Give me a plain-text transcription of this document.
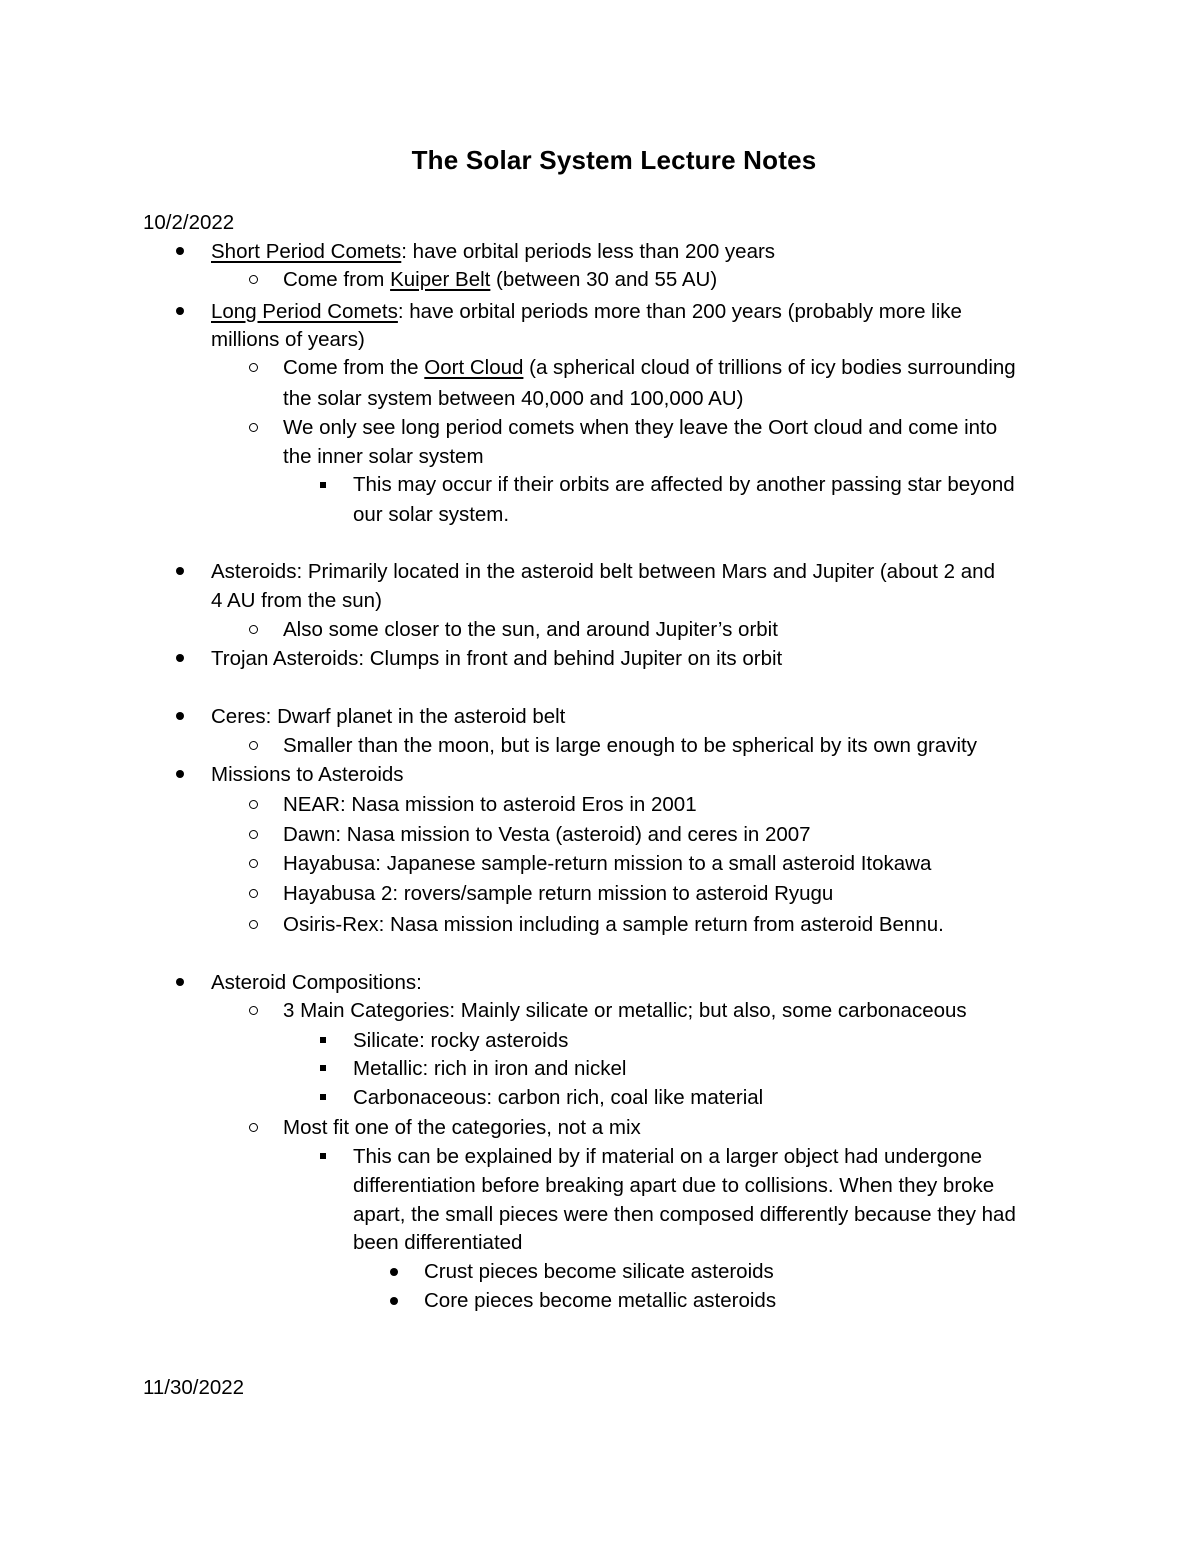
The Solar System Lecture Notes
10/2/2022
Short Period Comets: have orbital periods less than 200 years
Come from Kuiper Belt (between 30 and 55 AU)
Long Period Comets: have orbital periods more than 200 years (probably more like
millions of years)
Come from the Oort Cloud (a spherical cloud of trillions of icy bodies surrounding
the solar system between 40,000 and 100,000 AU)
We only see long period comets when they leave the Oort cloud and come into
the inner solar system
This may occur if their orbits are affected by another passing star beyond
our solar system.
Asteroids: Primarily located in the asteroid belt between Mars and Jupiter (about 2 and
4 AU from the sun)
Also some closer to the sun, and around Jupiter’s orbit
Trojan Asteroids: Clumps in front and behind Jupiter on its orbit
Ceres: Dwarf planet in the asteroid belt
Smaller than the moon, but is large enough to be spherical by its own gravity
Missions to Asteroids
NEAR: Nasa mission to asteroid Eros in 2001
Dawn: Nasa mission to Vesta (asteroid) and ceres in 2007
Hayabusa: Japanese sample-return mission to a small asteroid Itokawa
Hayabusa 2: rovers/sample return mission to asteroid Ryugu
Osiris-Rex: Nasa mission including a sample return from asteroid Bennu.
Asteroid Compositions:
3 Main Categories: Mainly silicate or metallic; but also, some carbonaceous
Silicate: rocky asteroids
Metallic: rich in iron and nickel
Carbonaceous: carbon rich, coal like material
Most fit one of the categories, not a mix
This can be explained by if material on a larger object had undergone
differentiation before breaking apart due to collisions. When they broke
apart, the small pieces were then composed differently because they had
been differentiated
Crust pieces become silicate asteroids
Core pieces become metallic asteroids
11/30/2022
